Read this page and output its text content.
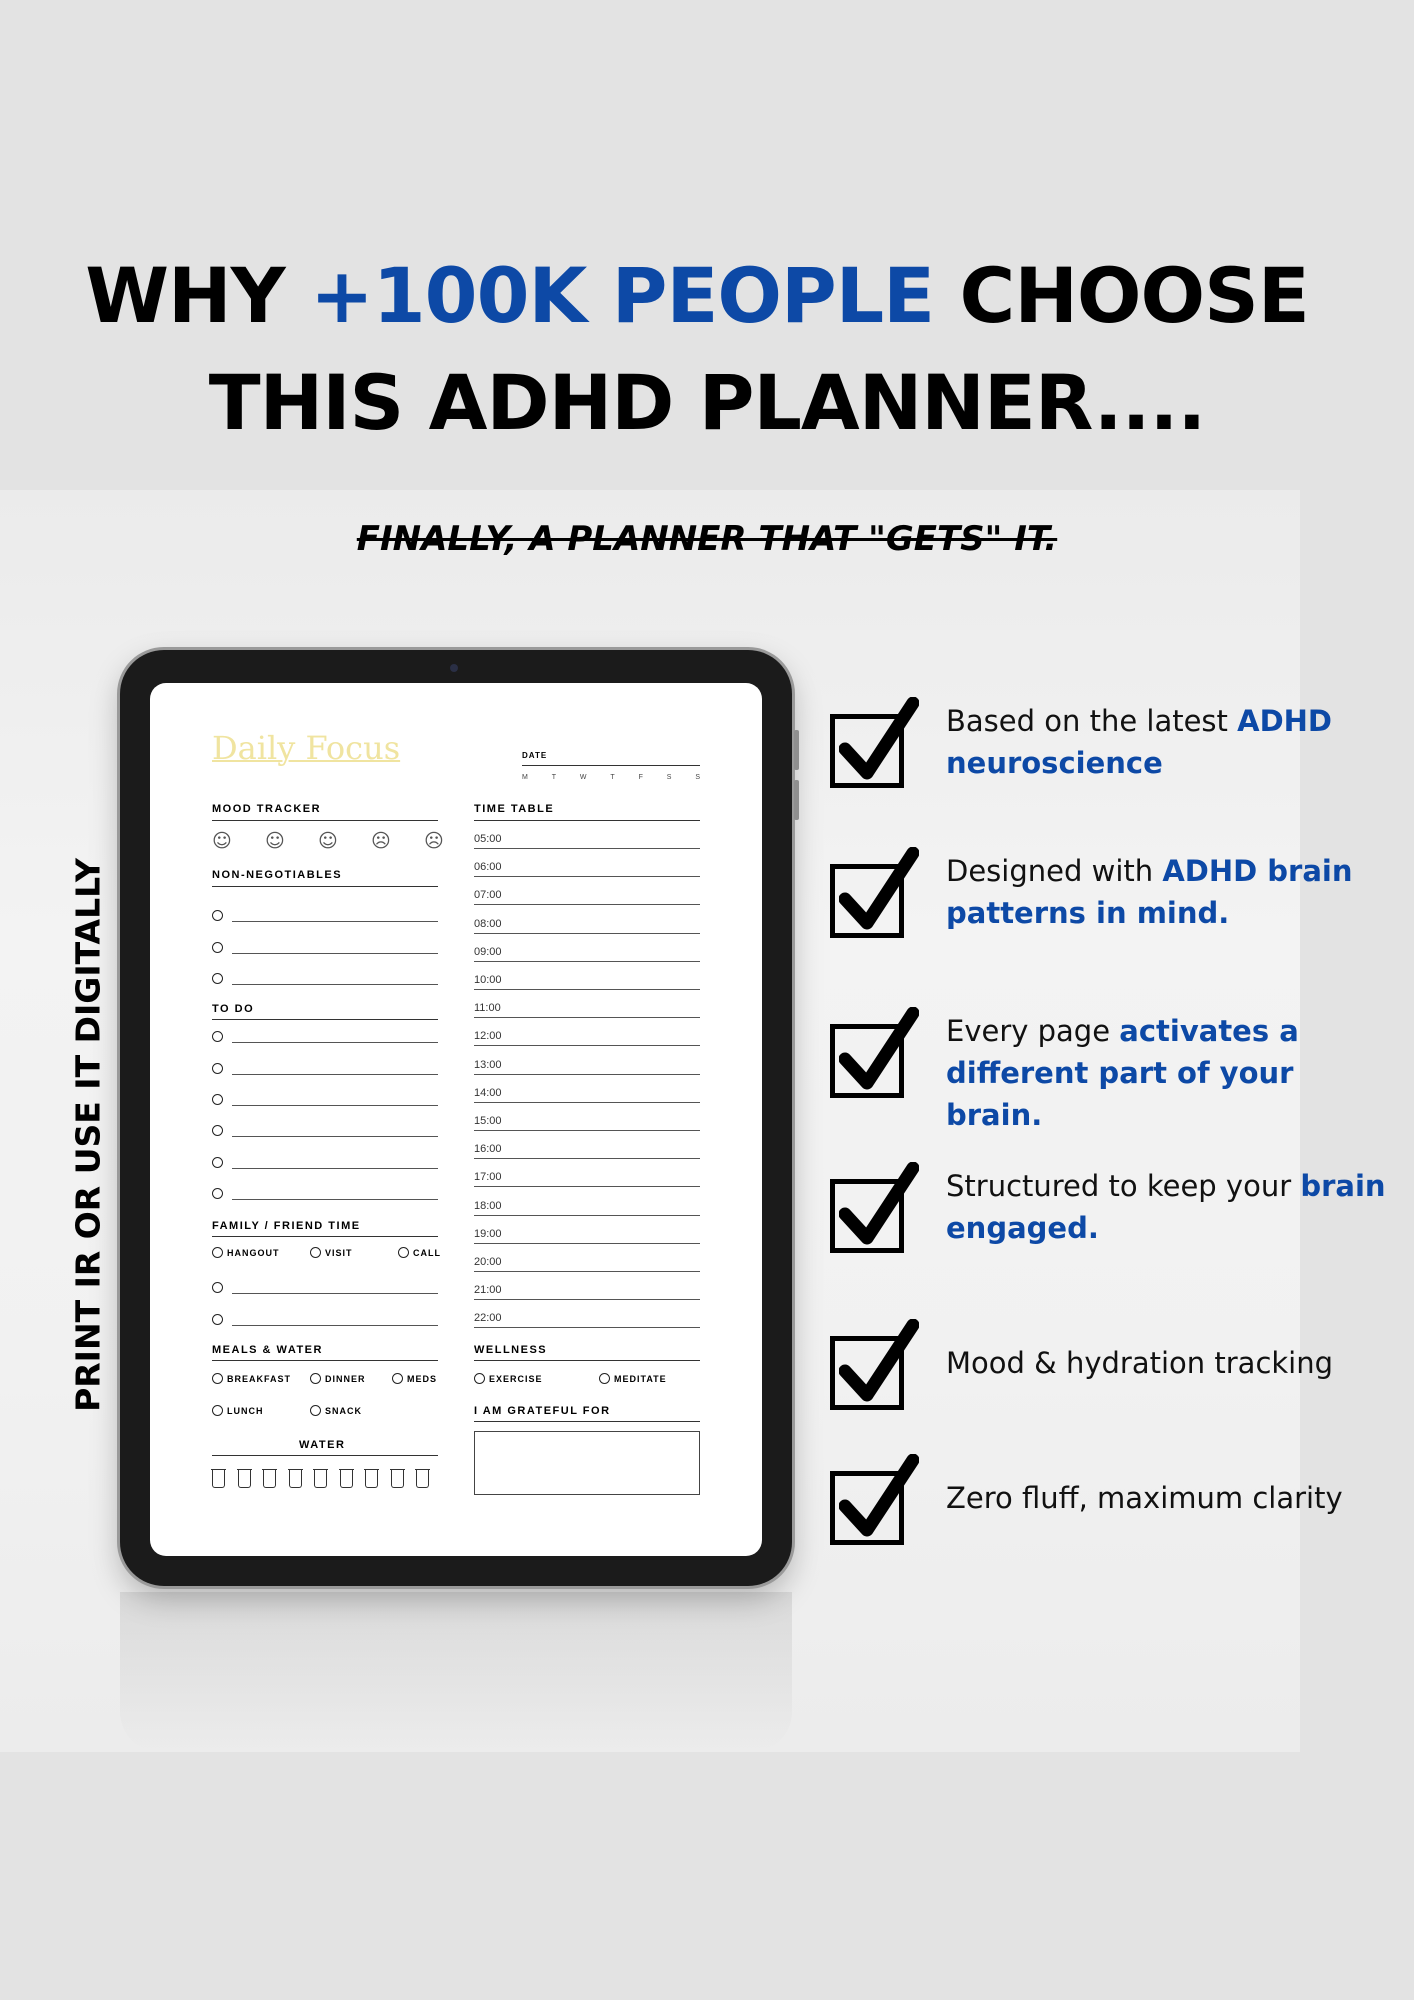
WHY +100K PEOPLE CHOOSE
THIS ADHD PLANNER....
FINALLY, A PLANNER THAT "GETS" IT.
PRINT IR OR USE IT DIGITALLY
Daily Focus	DATE
M	T	W	T	F	S	S
MOOD TRACKER
NON-NEGOTIABLES
TO DO
FAMILY / FRIEND TIME
MEALS & WATER
WATER
TIME TABLE
WELLNESS
I AM GRATEFUL FOR
☺ ☺ ☺ ☹ ☹
HANGOUT	VISIT	CALL
BREAKFAST	DINNER	MEDS
LUNCH	SNACK
EXERCISE	MEDITATE
05:00
06:00
07:00
08:00
09:00
10:00
11:00
12:00
13:00
14:00
15:00
16:00
17:00
18:00
19:00
20:00
21:00
22:00
Based on the latest ADHD neuroscience
Designed with ADHD brain patterns in mind.
Every page activates a different part of your brain.
Structured to keep your brain engaged.
Mood & hydration tracking
Zero fluff, maximum clarity
